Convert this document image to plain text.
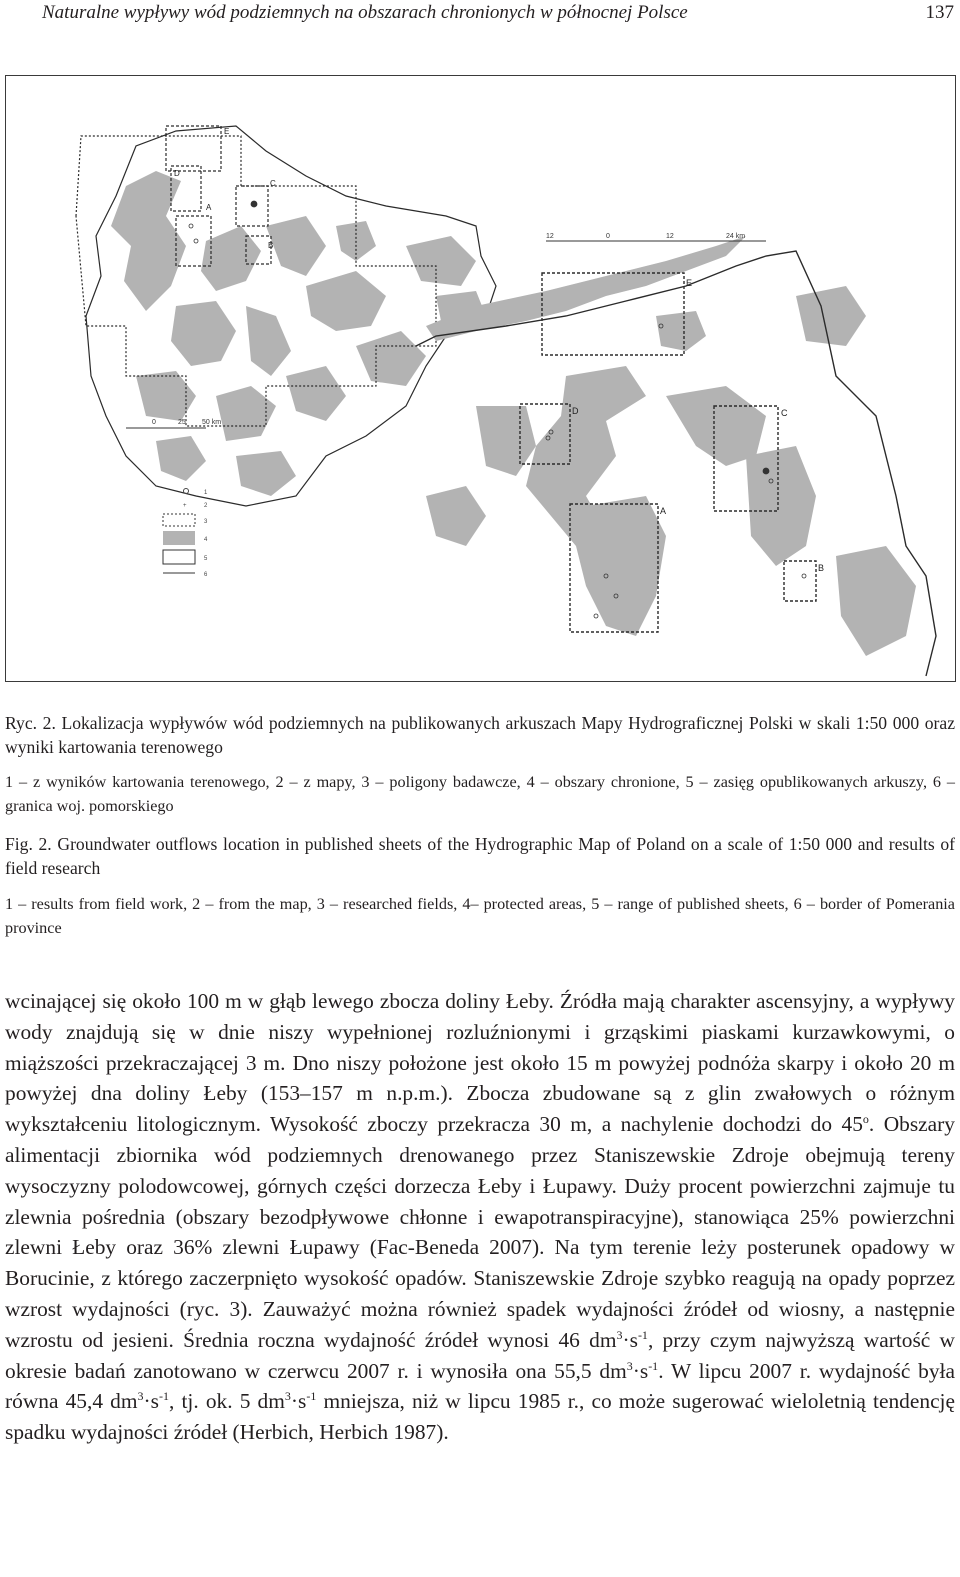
Naturalne wypływy wód podziemnych na obszarach chronionych w północnej Polsce	137
E
D
C
A
B
0	25 50 km
1
+	2
3
4
5
6
E
D	C
A
B
12	0	12	24 km
Ryc. 2. Lokalizacja wypływów wód podziemnych na publikowanych arkuszach Mapy Hydrograficznej Polski w skali 1:50 000 oraz wyniki kartowania terenowego
1 – z wyników kartowania terenowego, 2 – z mapy, 3 – poligony badawcze, 4 – obszary chronione, 5 – zasięg opublikowanych arkuszy, 6 – granica woj. pomorskiego
Fig. 2. Groundwater outflows location in published sheets of the Hydrographic Map of Poland on a scale of 1:50 000 and results of field research
1 – results from field work, 2 – from the map, 3 – researched fields, 4– protected areas, 5 – range of published sheets, 6 – border of Pomerania province
wcinającej się około 100 m w głąb lewego zbocza doliny Łeby. Źródła mają charakter ascensyjny, a wypływy wody znajdują się w dnie niszy wypełnionej rozluźnionymi i grząskimi piaskami kurzawkowymi, o miąższości przekraczającej 3 m. Dno niszy położone jest około 15 m powyżej podnóża skarpy i około 20 m powyżej dna doliny Łeby (153–157 m n.p.m.). Zbocza zbudowane są z glin zwałowych o różnym wykształceniu litologicznym. Wysokość zboczy przekracza 30 m, a nachylenie dochodzi do 45$^o$. Obszary alimentacji zbiornika wód podziemnych drenowanego przez Staniszewskie Zdroje obejmują tereny wysoczyzny polodowcowej, górnych części dorzecza Łeby i Łupawy. Duży procent powierzchni zajmuje tu zlewnia pośrednia (obszary bezodpływowe chłonne i ewapotranspiracyjne), stanowiąca 25% powierzchni zlewni Łeby oraz 36% zlewni Łupawy (Fac-Beneda 2007). Na tym terenie leży posterunek opadowy w Borucinie, z którego zaczerpnięto wysokość opadów. Staniszewskie Zdroje szybko reagują na opady poprzez wzrost wydajności (ryc. 3). Zauważyć można również spadek wydajności źródeł od wiosny, a następnie wzrostu od jesieni. Średnia roczna wydajność źródeł wynosi 46 $dm^3\cdot s^{-1}$, przy czym najwyższą wartość w okresie badań zanotowano w czerwcu 2007 r. i wynosiła ona 55,5 $dm^3\cdot s^{-1}$. W lipcu 2007 r. wydajność była równa 45,4 $dm^3\cdot s^{-1}$, tj. ok. 5 $dm^3\cdot s^{-1}$ mniejsza, niż w lipcu 1985 r., co może sugerować wieloletnią tendencję spadku wydajności źródeł (Herbich, Herbich 1987).
